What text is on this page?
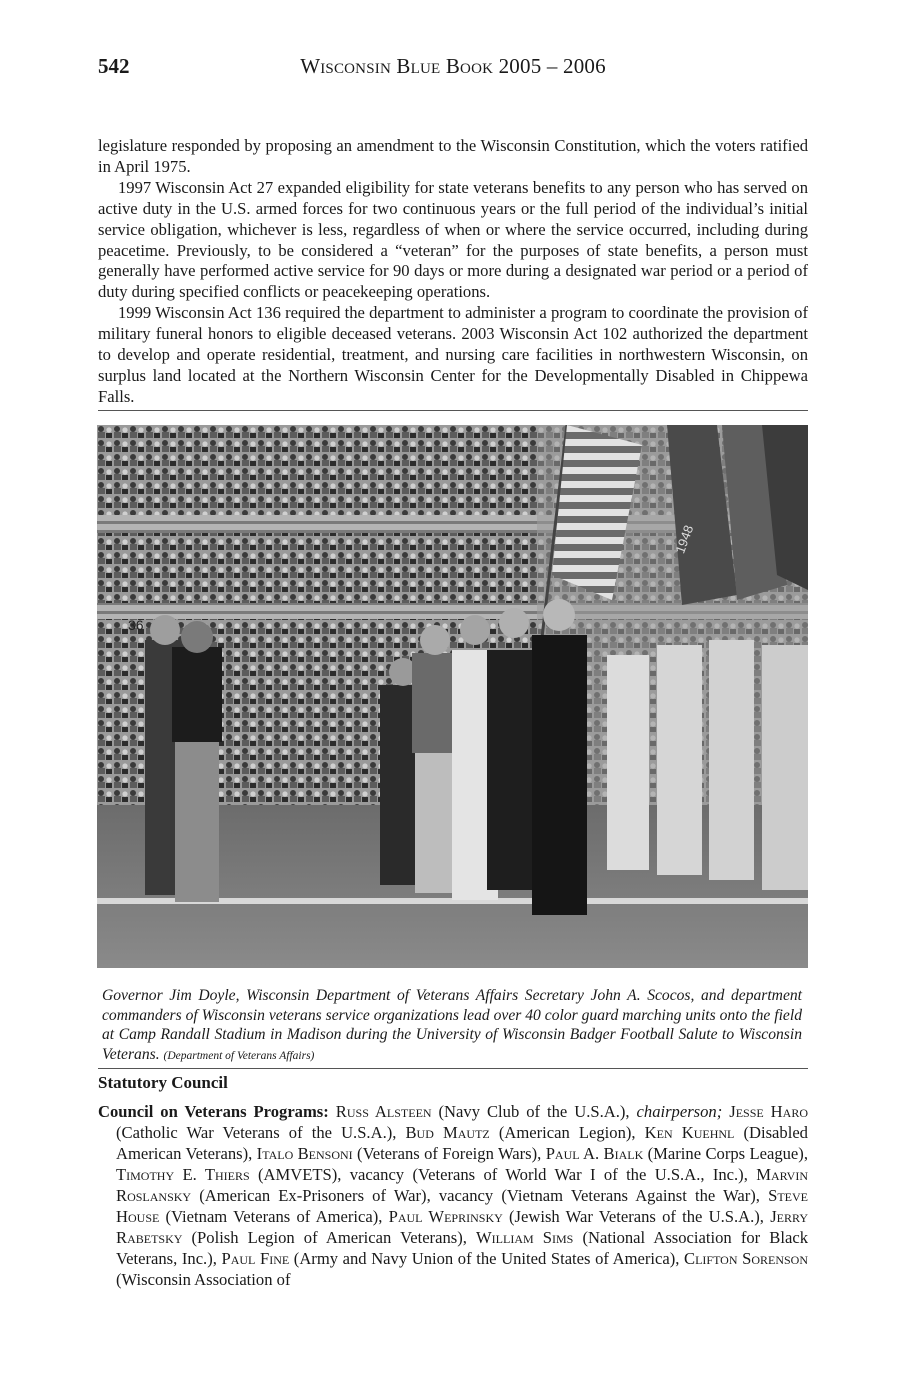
542	Wisconsin Blue Book 2005 – 2006

legislature responded by proposing an amendment to the Wisconsin Constitution, which the voters ratified in April 1975.

1997 Wisconsin Act 27 expanded eligibility for state veterans benefits to any person who has served on active duty in the U.S. armed forces for two continuous years or the full period of the individual’s initial service obligation, whichever is less, regardless of when or where the service occurred, including during peacetime. Previously, to be considered a “veteran” for the purposes of state benefits, a person must generally have performed active service for 90 days or more during a designated war period or a period of duty during specified conflicts or peacekeeping operations.

1999 Wisconsin Act 136 required the department to administer a program to coordinate the provision of military funeral honors to eligible deceased veterans. 2003 Wisconsin Act 102 authorized the department to develop and operate residential, treatment, and nursing care facilities in northwestern Wisconsin, on surplus land located at the Northern Wisconsin Center for the Developmentally Disabled in Chippewa Falls.

36
1948
Governor Jim Doyle, Wisconsin Department of Veterans Affairs Secretary John A. Scocos, and department commanders of Wisconsin veterans service organizations lead over 40 color guard marching units onto the field at Camp Randall Stadium in Madison during the University of Wisconsin Badger Football Salute to Wisconsin Veterans. (Department of Veterans Affairs)
Statutory Council
Council on Veterans Programs: Russ Alsteen (Navy Club of the U.S.A.), chairperson; Jesse Haro (Catholic War Veterans of the U.S.A.), Bud Mautz (American Legion), Ken Kuehnl (Disabled American Veterans), Italo Bensoni (Veterans of Foreign Wars), Paul A. Bialk (Marine Corps League), Timothy E. Thiers (AMVETS), vacancy (Veterans of World War I of the U.S.A., Inc.), Marvin Roslansky (American Ex-Prisoners of War), vacancy (Vietnam Veterans Against the War), Steve House (Vietnam Veterans of America), Paul Weprinsky (Jewish War Veterans of the U.S.A.), Jerry Rabetsky (Polish Legion of American Veterans), William Sims (National Association for Black Veterans, Inc.), Paul Fine (Army and Navy Union of the United States of America), Clifton Sorenson (Wisconsin Association of
